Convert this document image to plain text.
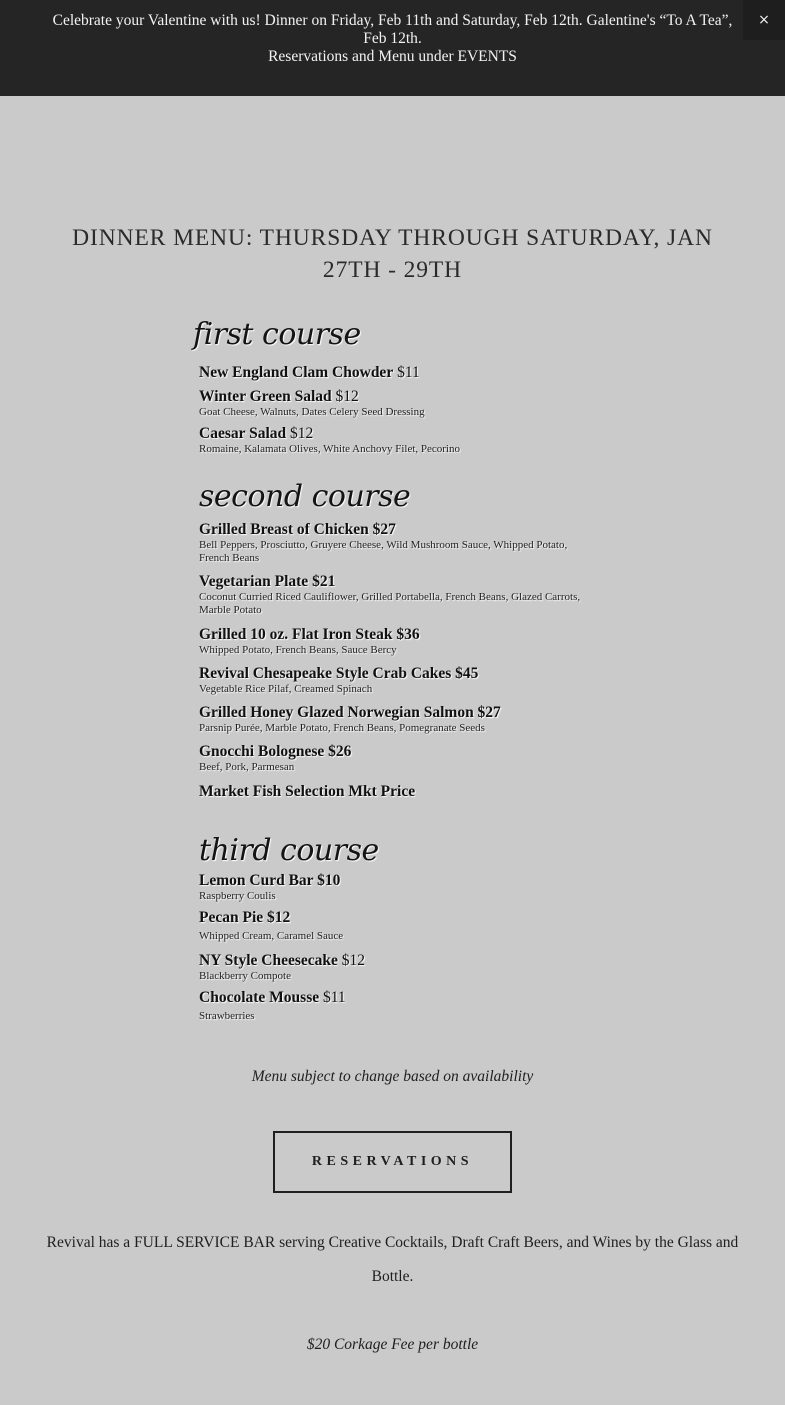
Celebrate your Valentine with us! Dinner on Friday, Feb 11th and Saturday, Feb 12th. Galentine's “To A Tea”, Feb 12th.
Reservations and Menu under EVENTS
×
DINNER MENU: THURSDAY THROUGH SATURDAY, JAN 27TH - 29TH
first course
New England Clam Chowder $11
Winter Green Salad $12
Goat Cheese, Walnuts, Dates Celery Seed Dressing
Caesar Salad $12
Romaine, Kalamata Olives, White Anchovy Filet, Pecorino
second course
Grilled Breast of Chicken $27
Bell Peppers, Prosciutto, Gruyere Cheese, Wild Mushroom Sauce, Whipped Potato, French Beans
Vegetarian Plate $21
Coconut Curried Riced Cauliflower, Grilled Portabella, French Beans, Glazed Carrots, Marble Potato
Grilled 10 oz. Flat Iron Steak $36
Whipped Potato, French Beans, Sauce Bercy
Revival Chesapeake Style Crab Cakes $45
Vegetable Rice Pilaf, Creamed Spinach
Grilled Honey Glazed Norwegian Salmon $27
Parsnip Purée, Marble Potato, French Beans, Pomegranate Seeds
Gnocchi Bolognese $26
Beef, Pork, Parmesan
Market Fish Selection Mkt Price
third course
Lemon Curd Bar $10
Raspberry Coulis
Pecan Pie $12
Whipped Cream, Caramel Sauce
NY Style Cheesecake $12
Blackberry Compote
Chocolate Mousse $11
Strawberries
Menu subject to change based on availability
RESERVATIONS
Revival has a FULL SERVICE BAR serving Creative Cocktails, Draft Craft Beers, and Wines by the Glass and Bottle.
$20 Corkage Fee per bottle
